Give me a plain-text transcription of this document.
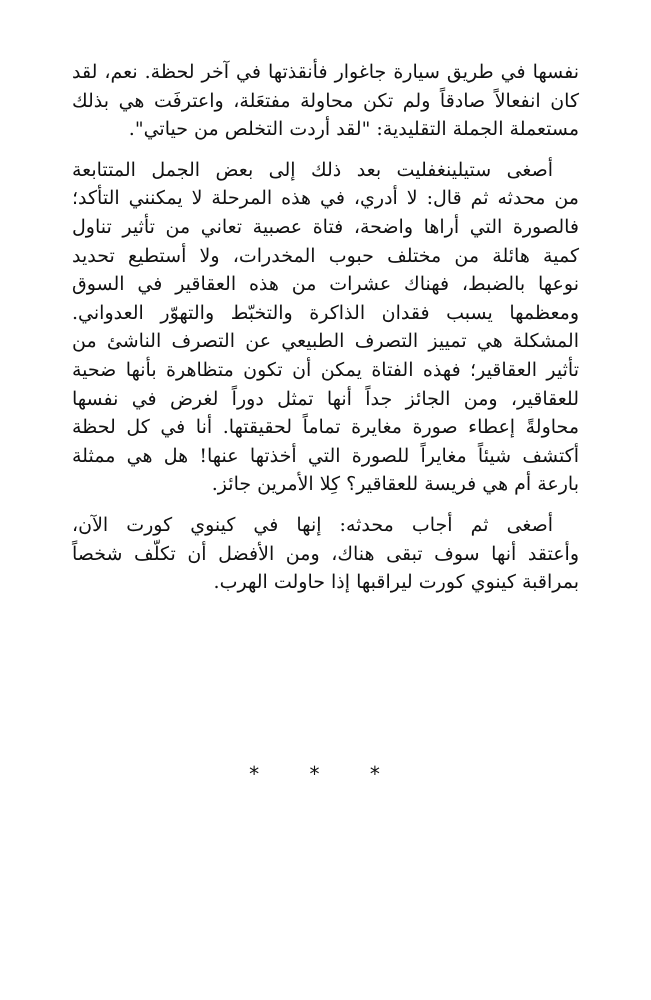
نفسها في طريق سيارة جاغوار فأنقذتها في آخر لحظة. نعم، لقد
كان انفعالاً صادقاً ولم تكن محاولة مفتعَلة، واعترفَت هي بذلك
مستعملة الجملة التقليدية: "لقد أردت التخلص من حياتي".
أصغى ستيلينغفليت بعد ذلك إلى بعض الجمل المتتابعة
من محدثه ثم قال: لا أدري، في هذه المرحلة لا يمكنني التأكد؛
فالصورة التي أراها واضحة، فتاة عصبية تعاني من تأثير تناول
كمية هائلة من مختلف حبوب المخدرات، ولا أستطيع تحديد
نوعها بالضبط، فهناك عشرات من هذه العقاقير في السوق
ومعظمها يسبب فقدان الذاكرة والتخبّط والتهوّر العدواني.
المشكلة هي تمييز التصرف الطبيعي عن التصرف الناشئ من
تأثير العقاقير؛ فهذه الفتاة يمكن أن تكون متظاهرة بأنها ضحية
للعقاقير، ومن الجائز جداً أنها تمثل دوراً لغرض في نفسها
محاولةً إعطاء صورة مغايرة تماماً لحقيقتها. أنا في كل لحظة
أكتشف شيئاً مغايراً للصورة التي أخذتها عنها! هل هي ممثلة
بارعة أم هي فريسة للعقاقير؟ كِلا الأمرين جائز.
أصغى ثم أجاب محدثه: إنها في كينوي كورت الآن،
وأعتقد أنها سوف تبقى هناك، ومن الأفضل أن تكلّف شخصاً
بمراقبة كينوي كورت ليراقبها إذا حاولت الهرب.
* * *
